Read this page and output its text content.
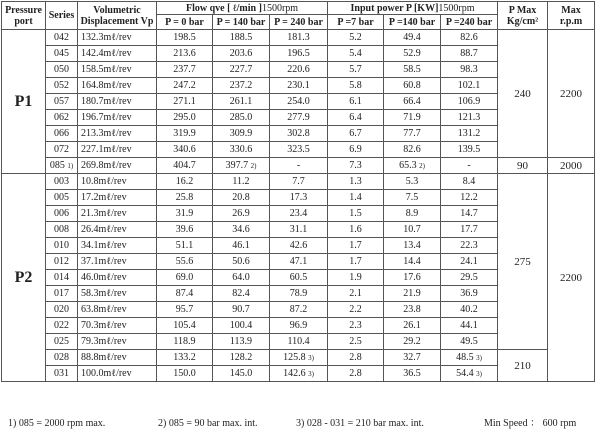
Pressure
port	Series	Volumetric
Displacement Vp	Flow qve [ ℓ/min ]1500rpm			Input power P [KW]1500rpm			P Max
Kg/cm²	Max
r.p.m
			P = 0 bar	P = 140 bar	P = 240 bar	P =7 bar	P =140 bar	P =240 bar		
P1	042	132.3mℓ/rev	198.5	188.5	181.3	5.2	49.4	82.6	240	2200
	045	142.4mℓ/rev	213.6	203.6	196.5	5.4	52.9	88.7		
	050	158.5mℓ/rev	237.7	227.7	220.6	5.7	58.5	98.3		
	052	164.8mℓ/rev	247.2	237.2	230.1	5.8	60.8	102.1		
	057	180.7mℓ/rev	271.1	261.1	254.0	6.1	66.4	106.9		
	062	196.7mℓ/rev	295.0	285.0	277.9	6.4	71.9	121.3		
	066	213.3mℓ/rev	319.9	309.9	302.8	6.7	77.7	131.2		
	072	227.1mℓ/rev	340.6	330.6	323.5	6.9	82.6	139.5		
	085 1)	269.8mℓ/rev	404.7	397.7 2)	-	7.3	65.3 2)	-	90	2000
P2	003	10.8mℓ/rev	16.2	11.2	7.7	1.3	5.3	8.4	275	2200
	005	17.2mℓ/rev	25.8	20.8	17.3	1.4	7.5	12.2		
	006	21.3mℓ/rev	31.9	26.9	23.4	1.5	8.9	14.7		
	008	26.4mℓ/rev	39.6	34.6	31.1	1.6	10.7	17.7		
	010	34.1mℓ/rev	51.1	46.1	42.6	1.7	13.4	22.3		
	012	37.1mℓ/rev	55.6	50.6	47.1	1.7	14.4	24.1		
	014	46.0mℓ/rev	69.0	64.0	60.5	1.9	17.6	29.5		
	017	58.3mℓ/rev	87.4	82.4	78.9	2.1	21.9	36.9		
	020	63.8mℓ/rev	95.7	90.7	87.2	2.2	23.8	40.2		
	022	70.3mℓ/rev	105.4	100.4	96.9	2.3	26.1	44.1		
	025	79.3mℓ/rev	118.9	113.9	110.4	2.5	29.2	49.5		
	028	88.8mℓ/rev	133.2	128.2	125.8 3)	2.8	32.7	48.5 3)	210	
	031	100.0mℓ/rev	150.0	145.0	142.6 3)	2.8	36.5	54.4 3)		
1) 085 = 2000 rpm max.	2) 085 = 90 bar max. int.	3) 028 - 031 = 210 bar max. int.	Min Speed ： 600 rpm
